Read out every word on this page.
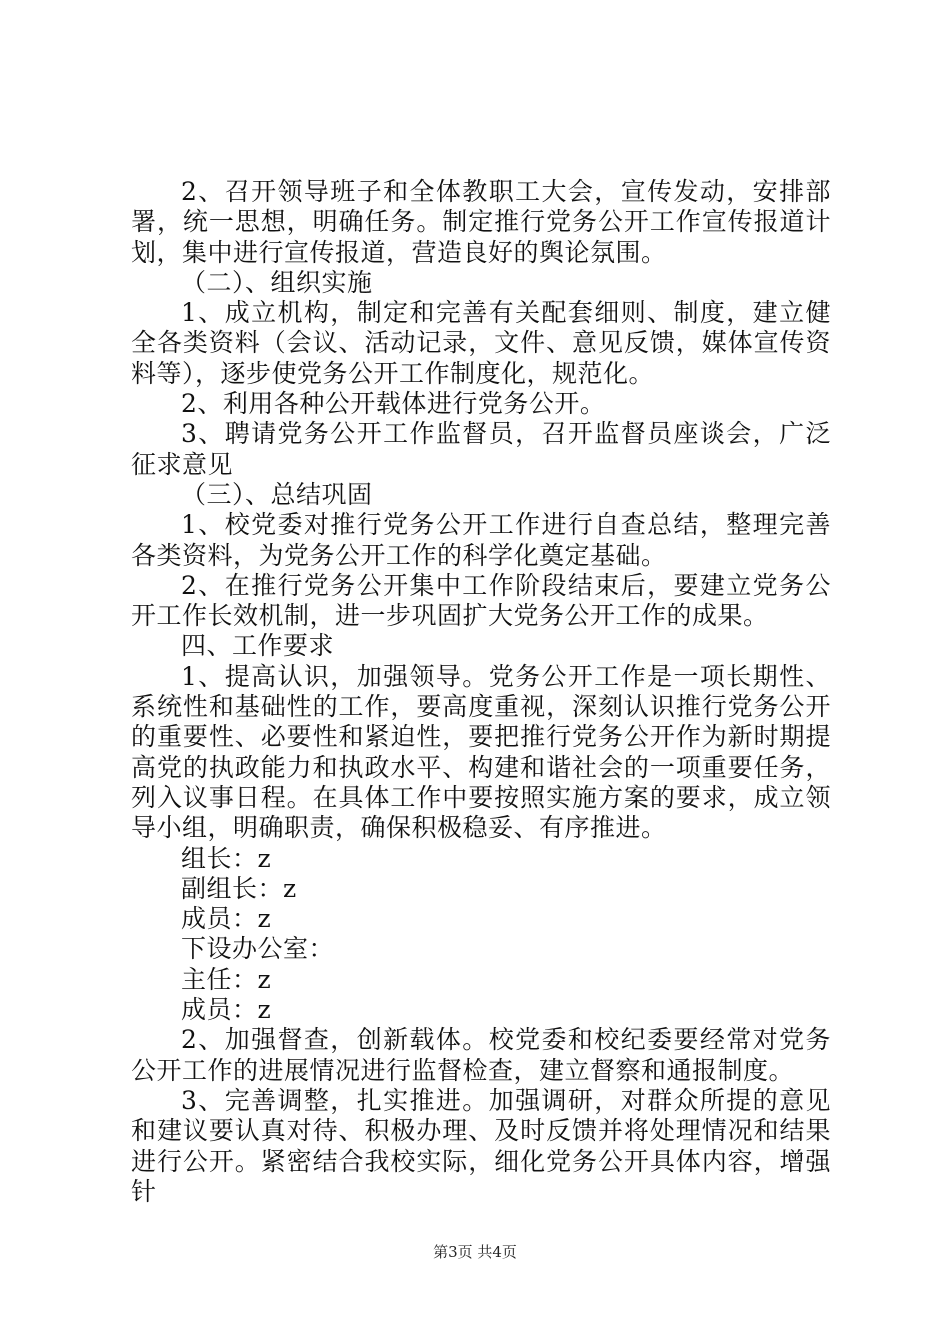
2、召开领导班子和全体教职工大会，宣传发动，安排部署，统一思想，明确任务。制定推行党务公开工作宣传报道计划，集中进行宣传报道，营造良好的舆论氛围。

（二）、组织实施

1、成立机构，制定和完善有关配套细则、制度，建立健全各类资料（会议、活动记录，文件、意见反馈，媒体宣传资料等），逐步使党务公开工作制度化，规范化。

2、利用各种公开载体进行党务公开。

3、聘请党务公开工作监督员，召开监督员座谈会，广泛征求意见

（三）、总结巩固

1、校党委对推行党务公开工作进行自查总结，整理完善各类资料，为党务公开工作的科学化奠定基础。

2、在推行党务公开集中工作阶段结束后，要建立党务公开工作长效机制，进一步巩固扩大党务公开工作的成果。

四、工作要求

1、提高认识，加强领导。党务公开工作是一项长期性、系统性和基础性的工作，要高度重视，深刻认识推行党务公开的重要性、必要性和紧迫性，要把推行党务公开作为新时期提高党的执政能力和执政水平、构建和谐社会的一项重要任务，列入议事日程。在具体工作中要按照实施方案的要求，成立领导小组，明确职责，确保积极稳妥、有序推进。

组长：z

副组长：z

成员：z

下设办公室：

主任：z

成员：z

2、加强督查，创新载体。校党委和校纪委要经常对党务公开工作的进展情况进行监督检查，建立督察和通报制度。

3、完善调整，扎实推进。加强调研，对群众所提的意见和建议要认真对待、积极办理、及时反馈并将处理情况和结果进行公开。紧密结合我校实际，细化党务公开具体内容，增强针

第3页 共4页
